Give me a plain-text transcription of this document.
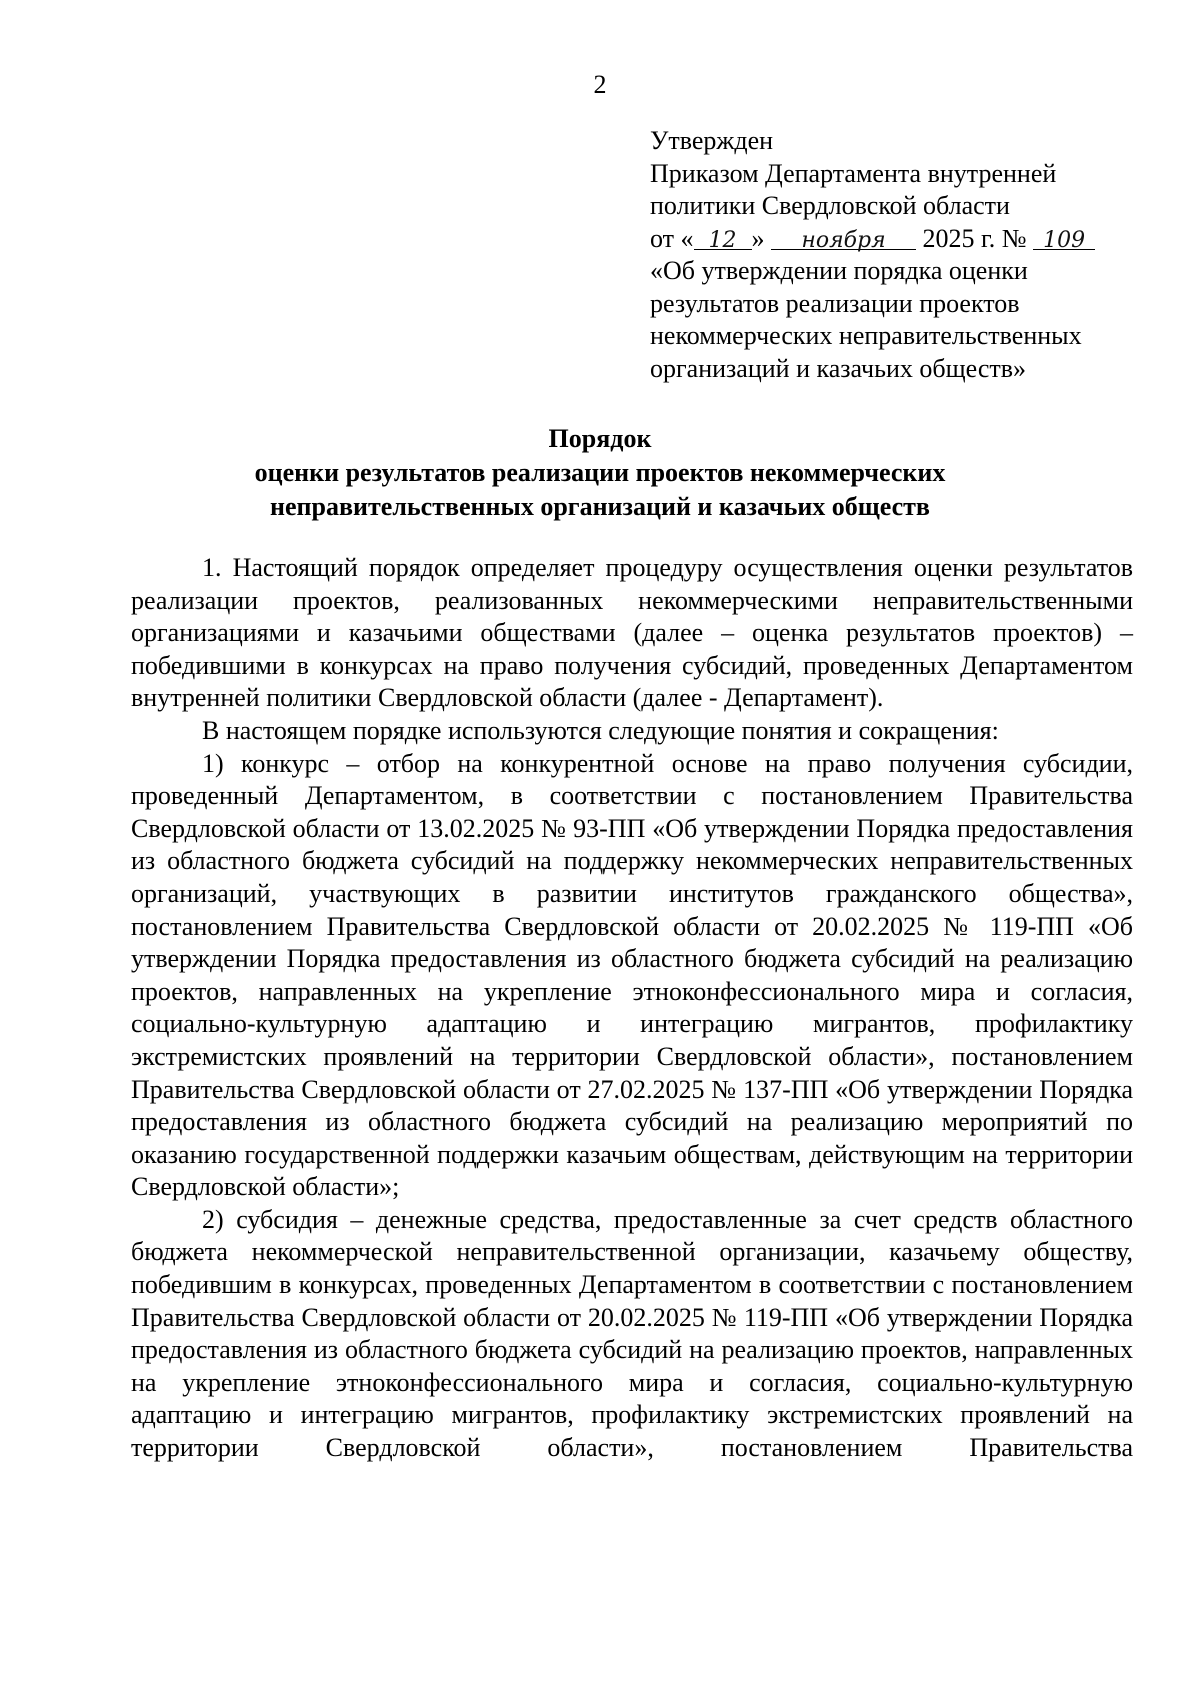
2
Утвержден
Приказом Департамента внутренней
политики Свердловской области
от « 12 » ноября 2025 г. № 109
«Об утверждении порядка оценки
результатов реализации проектов
некоммерческих неправительственных
организаций и казачьих обществ»
Порядок
оценки результатов реализации проектов некоммерческих
неправительственных организаций и казачьих обществ

1. Настоящий порядок определяет процедуру осуществления оценки результатов реализации проектов, реализованных некоммерческими неправительственными организациями и казачьими обществами (далее – оценка результатов проектов) – победившими в конкурсах на право получения субсидий, проведенных Департаментом внутренней политики Свердловской области (далее - Департамент).

В настоящем порядке используются следующие понятия и сокращения:

1) конкурс – отбор на конкурентной основе на право получения субсидии, проведенный Департаментом, в соответствии с постановлением Правительства Свердловской области от 13.02.2025 № 93-ПП «Об утверждении Порядка предоставления из областного бюджета субсидий на поддержку некоммерческих неправительственных организаций, участвующих в развитии институтов гражданского общества», постановлением Правительства Свердловской области от 20.02.2025 № 119-ПП «Об утверждении Порядка предоставления из областного бюджета субсидий на реализацию проектов, направленных на укрепление этноконфессионального мира и согласия, социально-культурную адаптацию и интеграцию мигрантов, профилактику экстремистских проявлений на территории Свердловской области», постановлением Правительства Свердловской области от 27.02.2025 № 137-ПП «Об утверждении Порядка предоставления из областного бюджета субсидий на реализацию мероприятий по оказанию государственной поддержки казачьим обществам, действующим на территории Свердловской области»;

2) субсидия – денежные средства, предоставленные за счет средств областного бюджета некоммерческой неправительственной организации, казачьему обществу, победившим в конкурсах, проведенных Департаментом в соответствии с постановлением Правительства Свердловской области от 20.02.2025 № 119-ПП «Об утверждении Порядка предоставления из областного бюджета субсидий на реализацию проектов, направленных на укрепление этноконфессионального мира и согласия, социально-культурную адаптацию и интеграцию мигрантов, профилактику экстремистских проявлений на территории Свердловской области», постановлением Правительства
